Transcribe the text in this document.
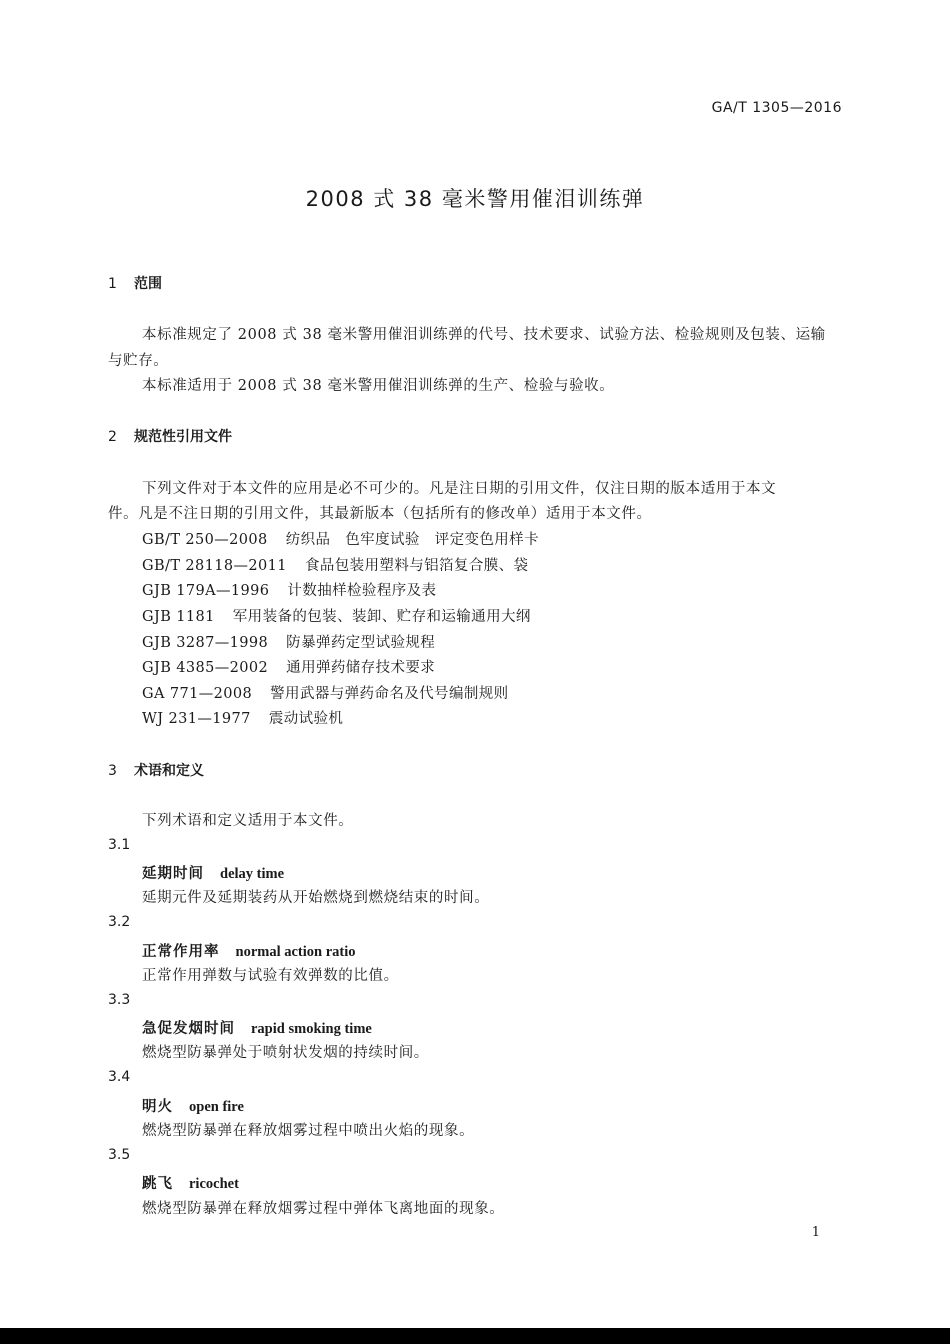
GA/T 1305—2016
2008 式 38 毫米警用催泪训练弹
1 范围
本标准规定了 2008 式 38 毫米警用催泪训练弹的代号、技术要求、试验方法、检验规则及包装、运输
与贮存。
本标准适用于 2008 式 38 毫米警用催泪训练弹的生产、检验与验收。
2 规范性引用文件
下列文件对于本文件的应用是必不可少的。凡是注日期的引用文件，仅注日期的版本适用于本文
件。凡是不注日期的引用文件，其最新版本（包括所有的修改单）适用于本文件。
GB/T 250—2008 纺织品　色牢度试验　评定变色用样卡
GB/T 28118—2011 食品包装用塑料与铝箔复合膜、袋
GJB 179A—1996 计数抽样检验程序及表
GJB 1181 军用装备的包装、装卸、贮存和运输通用大纲
GJB 3287—1998 防暴弹药定型试验规程
GJB 4385—2002 通用弹药储存技术要求
GA 771—2008 警用武器与弹药命名及代号编制规则
WJ 231—1977 震动试验机
3 术语和定义
下列术语和定义适用于本文件。
3.1
延期时间 delay time
延期元件及延期装药从开始燃烧到燃烧结束的时间。
3.2
正常作用率 normal action ratio
正常作用弹数与试验有效弹数的比值。
3.3
急促发烟时间 rapid smoking time
燃烧型防暴弹处于喷射状发烟的持续时间。
3.4
明火 open fire
燃烧型防暴弹在释放烟雾过程中喷出火焰的现象。
3.5
跳飞 ricochet
燃烧型防暴弹在释放烟雾过程中弹体飞离地面的现象。
1
